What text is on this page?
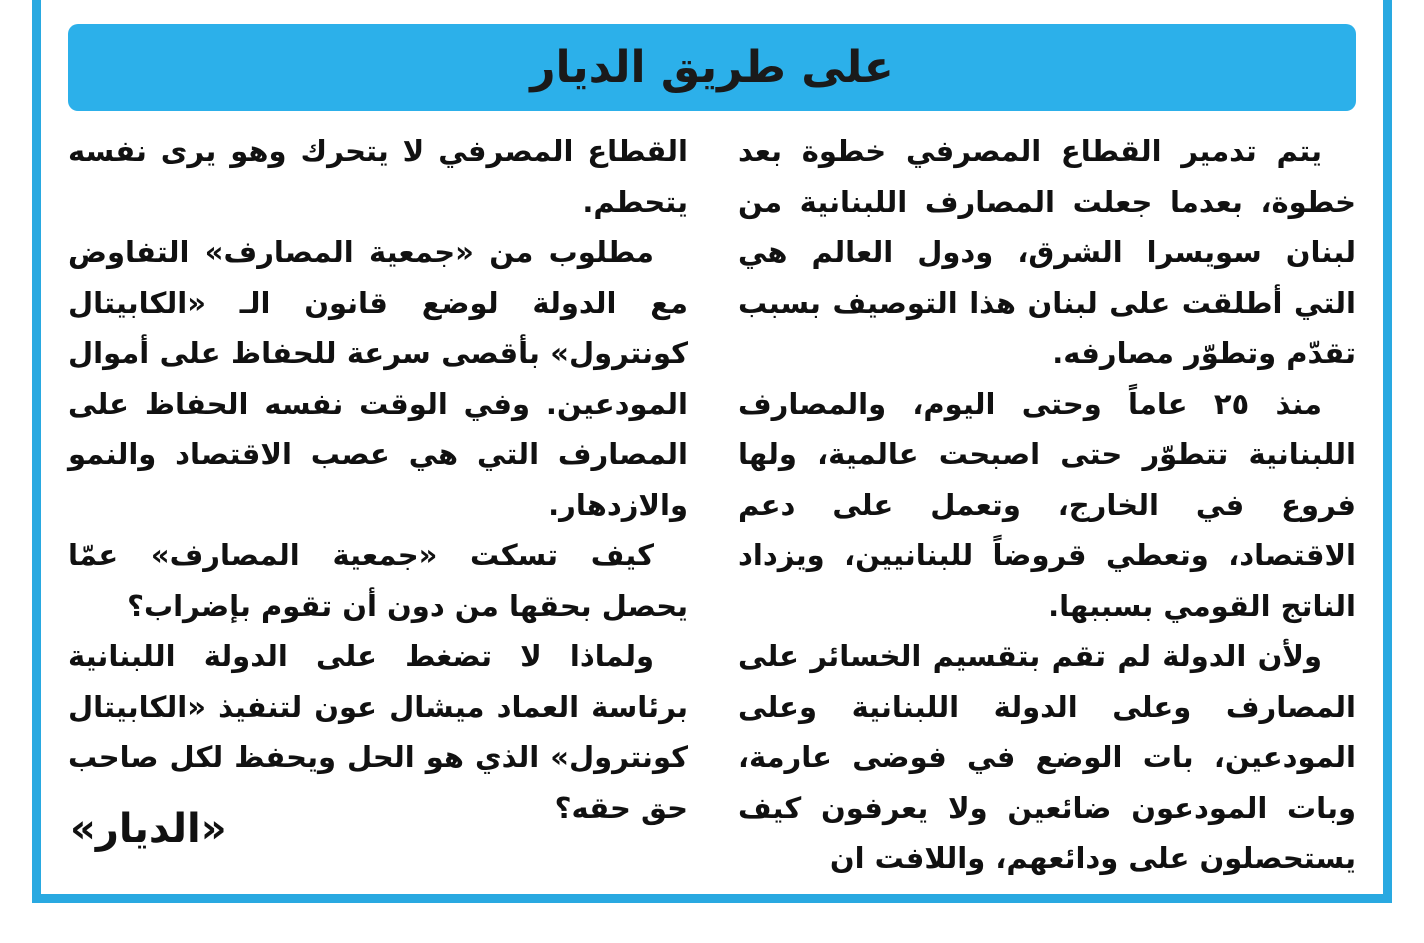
على طريق الديار

يتم تدمير القطاع المصرفي خطوة بعد خطوة، بعدما جعلت المصارف اللبنانية من لبنان سويسرا الشرق، ودول العالم هي التي أطلقت على لبنان هذا التوصيف بسبب تقدّم وتطوّر مصارفه.

منذ ٢٥ عاماً وحتى اليوم، والمصارف اللبنانية تتطوّر حتى اصبحت عالمية، ولها فروع في الخارج، وتعمل على دعم الاقتصاد، وتعطي قروضاً للبنانيين، ويزداد الناتج القومي بسببها.

ولأن الدولة لم تقم بتقسيم الخسائر على المصارف وعلى الدولة اللبنانية وعلى المودعين، بات الوضع في فوضى عارمة، وبات المودعون ضائعين ولا يعرفون كيف يستحصلون على ودائعهم، واللافت ان

القطاع المصرفي لا يتحرك وهو يرى نفسه يتحطم.

مطلوب من «جمعية المصارف» التفاوض مع الدولة لوضع قانون الـ «الكابيتال كونترول» بأقصى سرعة للحفاظ على أموال المودعين. وفي الوقت نفسه الحفاظ على المصارف التي هي عصب الاقتصاد والنمو والازدهار.

كيف تسكت «جمعية المصارف» عمّا يحصل بحقها من دون أن تقوم بإضراب؟

ولماذا لا تضغط على الدولة اللبنانية برئاسة العماد ميشال عون لتنفيذ «الكابيتال كونترول» الذي هو الحل ويحفظ لكل صاحب حق حقه؟

«الديار»
